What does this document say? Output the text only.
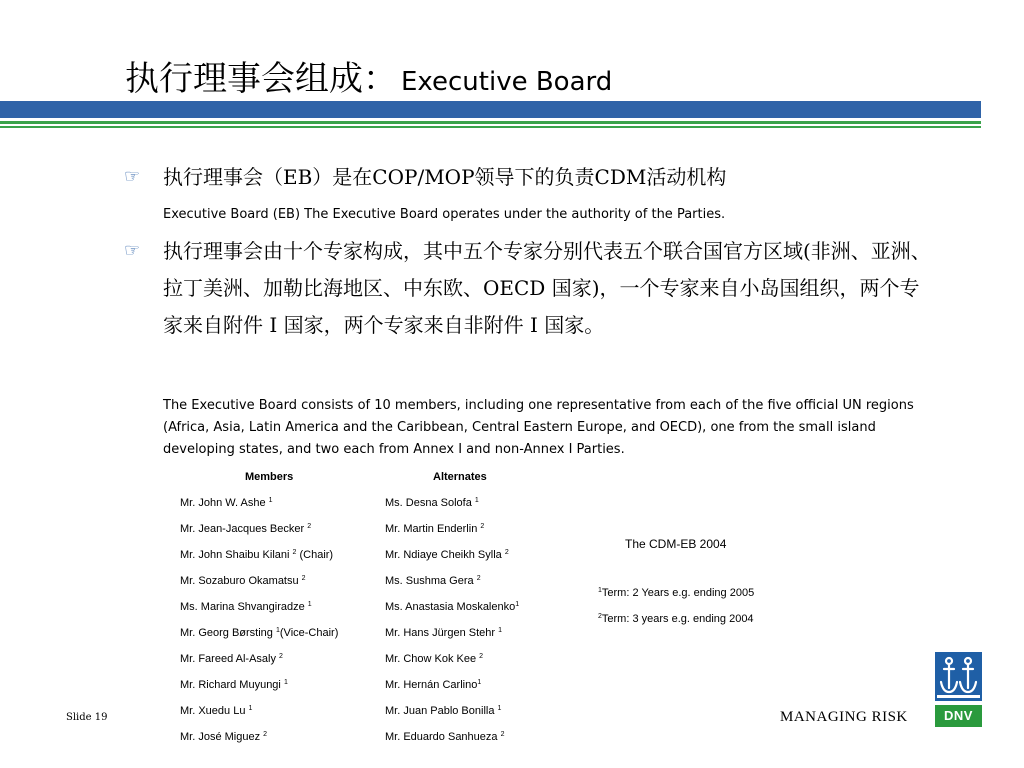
执行理事会组成： Executive Board
☞ 执行理事会（EB）是在COP/MOP领导下的负责CDM活动机构
Executive Board (EB) The Executive Board operates under the authority of the Parties.
☞ 执行理事会由十个专家构成，其中五个专家分别代表五个联合国官方区域(非洲、亚洲、拉丁美洲、加勒比海地区、中东欧、OECD 国家)，一个专家来自小岛国组织，两个专家来自附件 I 国家，两个专家来自非附件 I 国家。
The Executive Board consists of 10 members, including one representative from each of the five official UN regions (Africa, Asia, Latin America and the Caribbean, Central Eastern Europe, and OECD), one from the small island developing states, and two each from Annex I and non-Annex I Parties.
Members	Alternates
Mr. John W. Ashe $^1$	Ms. Desna Solofa $^1$
Mr. Jean-Jacques Becker $^2$	Mr. Martin Enderlin $^2$
Mr. John Shaibu Kilani $^2$ (Chair)	Mr. Ndiaye Cheikh Sylla $^2$
Mr. Sozaburo Okamatsu $^2$	Ms. Sushma Gera $^2$
Ms. Marina Shvangiradze $^1$	Ms. Anastasia Moskalenko$^1$
Mr. Georg Børsting $^1$(Vice-Chair)	Mr. Hans Jürgen Stehr $^1$
Mr. Fareed Al-Asaly $^2$	Mr. Chow Kok Kee $^2$
Mr. Richard Muyungi $^1$	Mr. Hernán Carlino$^1$
Mr. Xuedu Lu $^1$	Mr. Juan Pablo Bonilla $^1$
Mr. José Miguez $^2$	Mr. Eduardo Sanhueza $^2$
The CDM-EB 2004
$^1$Term: 2 Years e.g. ending 2005
$^2$Term: 3 years e.g. ending 2004
Slide 19	MANAGING RISK	DNV
